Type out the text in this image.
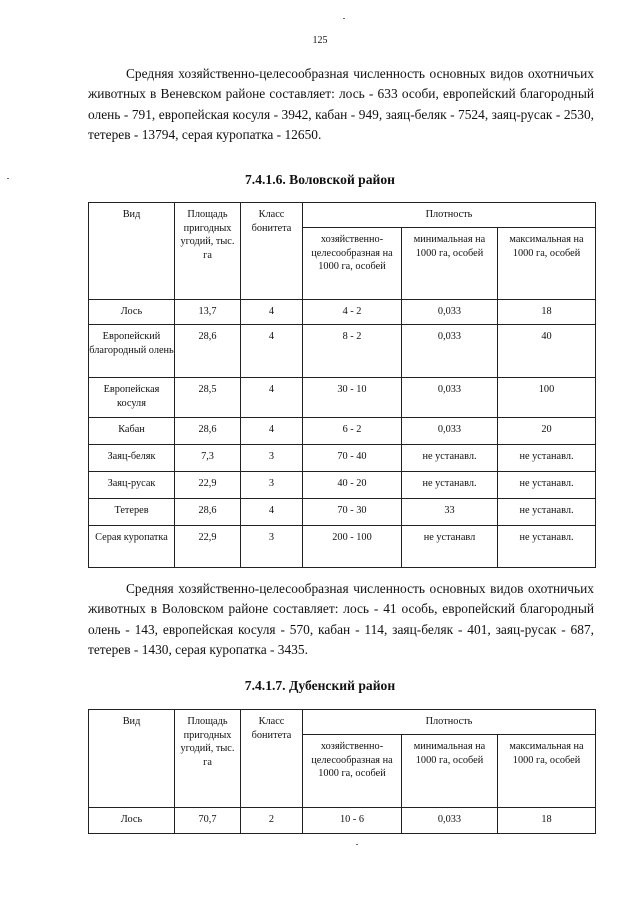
125

Средняя хозяйственно-целесообразная численность основных видов охотничьих животных в Веневском районе составляет: лось - 633 особи, европейский благородный олень - 791, европейская косуля - 3942, кабан - 949, заяц-беляк - 7524, заяц-русак - 2530, тетерев - 13794, серая куропатка - 12650.

7.4.1.6. Воловской район
Вид	Площадь пригодных угодий, тыс. га	Класс бонитета	Плотность		
			хозяйственно-целесообразная на 1000 га, особей	минимальная на 1000 га, особей	максимальная на 1000 га, особей
Лось	13,7	4	4 - 2	0,033	18
Европейский благородный олень	28,6	4	8 - 2	0,033	40
Европейская косуля	28,5	4	30 - 10	0,033	100
Кабан	28,6	4	6 - 2	0,033	20
Заяц-беляк	7,3	3	70 - 40	не устанавл.	не устанавл.
Заяц-русак	22,9	3	40 - 20	не устанавл.	не устанавл.
Тетерев	28,6	4	70 - 30	33	не устанавл.
Серая куропатка	22,9	3	200 - 100	не устанавл	не устанавл.

Средняя хозяйственно-целесообразная численность основных видов охотничьих животных в Воловском районе составляет: лось - 41 особь, европейский благородный олень - 143, европейская косуля - 570, кабан - 114, заяц-беляк - 401, заяц-русак - 687, тетерев - 1430, серая куропатка - 3435.

7.4.1.7. Дубенский район
Вид	Площадь пригодных угодий, тыс. га	Класс бонитета	Плотность		
			хозяйственно-целесообразная на 1000 га, особей	минимальная на 1000 га, особей	максимальная на 1000 га, особей
Лось	70,7	2	10 - 6	0,033	18
